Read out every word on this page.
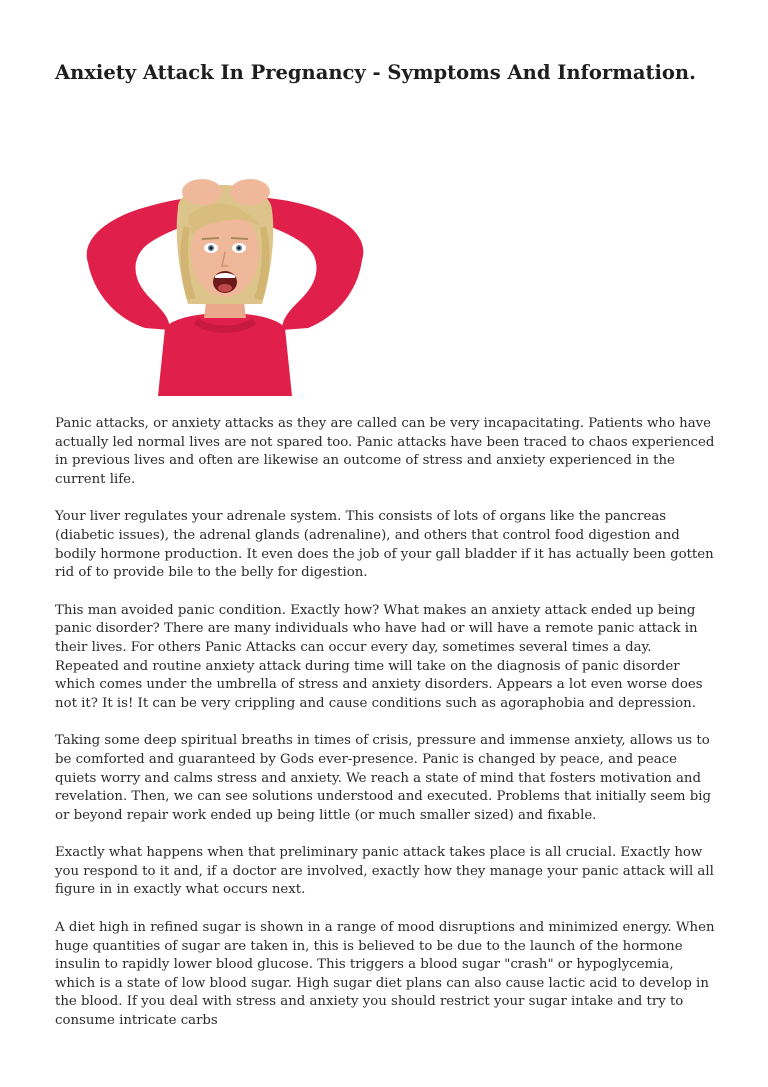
Anxiety Attack In Pregnancy - Symptoms And Information.

Panic attacks, or anxiety attacks as they are called can be very incapacitating. Patients who have actually led normal lives are not spared too. Panic attacks have been traced to chaos experienced in previous lives and often are likewise an outcome of stress and anxiety experienced in the current life.

Your liver regulates your adrenale system. This consists of lots of organs like the pancreas (diabetic issues), the adrenal glands (adrenaline), and others that control food digestion and bodily hormone production. It even does the job of your gall bladder if it has actually been gotten rid of to provide bile to the belly for digestion.

This man avoided panic condition. Exactly how? What makes an anxiety attack ended up being panic disorder? There are many individuals who have had or will have a remote panic attack in their lives. For others Panic Attacks can occur every day, sometimes several times a day. Repeated and routine anxiety attack during time will take on the diagnosis of panic disorder which comes under the umbrella of stress and anxiety disorders. Appears a lot even worse does not it? It is! It can be very crippling and cause conditions such as agoraphobia and depression.

Taking some deep spiritual breaths in times of crisis, pressure and immense anxiety, allows us to be comforted and guaranteed by Gods ever-presence. Panic is changed by peace, and peace quiets worry and calms stress and anxiety. We reach a state of mind that fosters motivation and revelation. Then, we can see solutions understood and executed. Problems that initially seem big or beyond repair work ended up being little (or much smaller sized) and fixable.

Exactly what happens when that preliminary panic attack takes place is all crucial. Exactly how you respond to it and, if a doctor are involved, exactly how they manage your panic attack will all figure in in exactly what occurs next.

A diet high in refined sugar is shown in a range of mood disruptions and minimized energy. When huge quantities of sugar are taken in, this is believed to be due to the launch of the hormone insulin to rapidly lower blood glucose. This triggers a blood sugar "crash" or hypoglycemia, which is a state of low blood sugar. High sugar diet plans can also cause lactic acid to develop in the blood. If you deal with stress and anxiety you should restrict your sugar intake and try to consume intricate carbs
